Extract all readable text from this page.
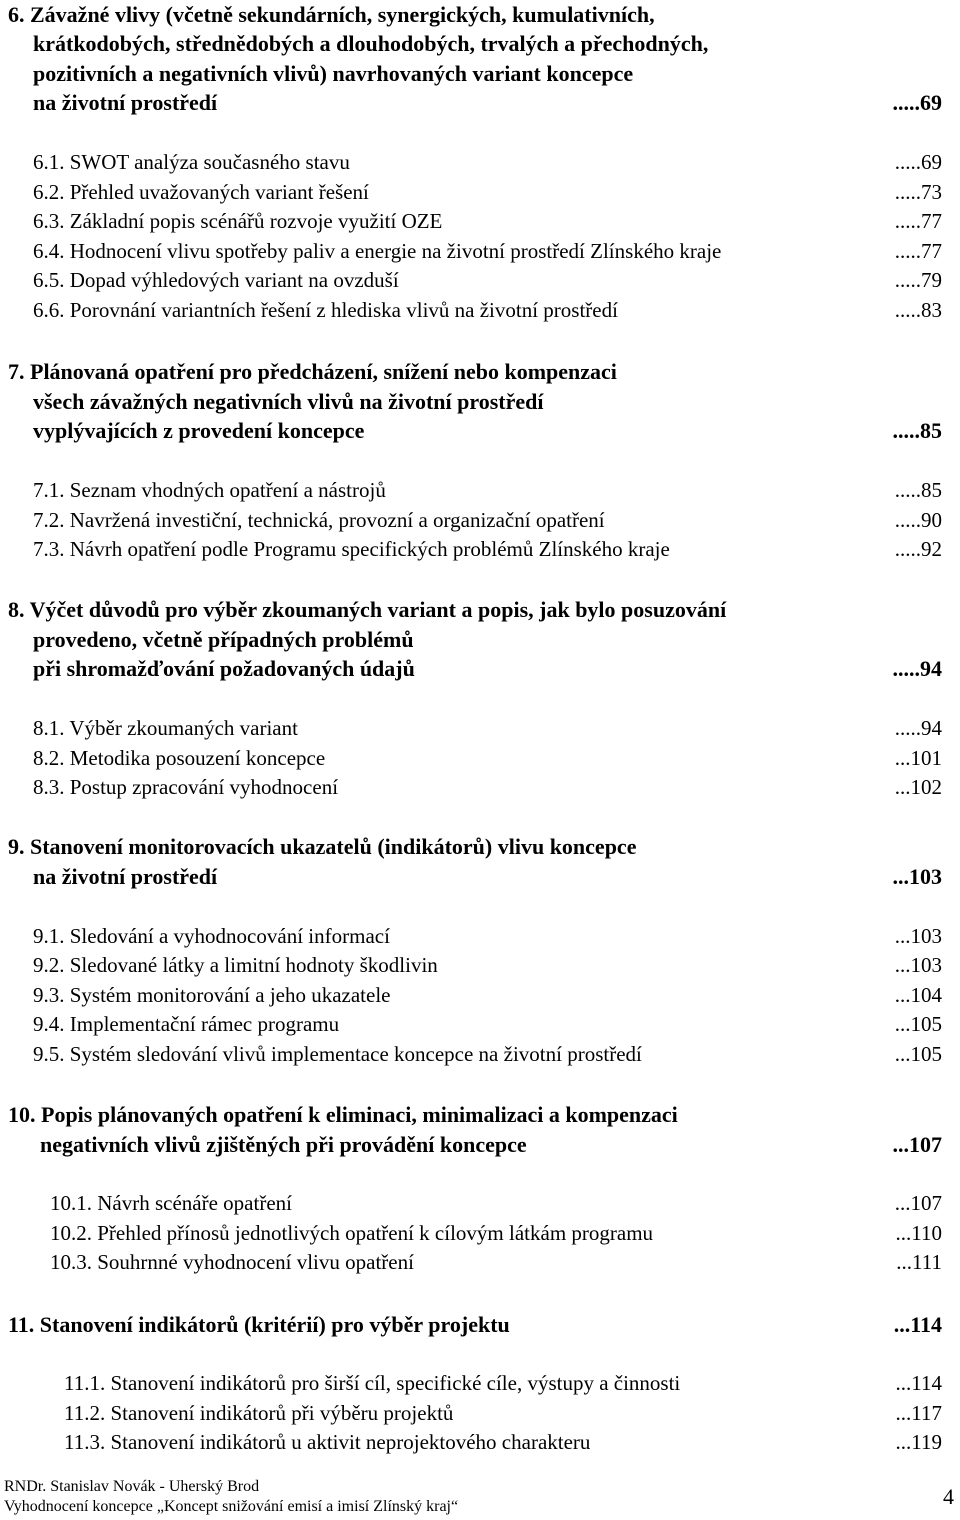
6. Závažné vlivy (včetně sekundárních, synergických, kumulativních,
krátkodobých, střednědobých a dlouhodobých, trvalých a přechodných,
pozitivních a negativních vlivů) navrhovaných variant koncepce
na životní prostředí	.....69
6.1. SWOT analýza současného stavu	.....69
6.2. Přehled uvažovaných variant řešení	.....73
6.3. Základní popis scénářů rozvoje využití OZE	.....77
6.4. Hodnocení vlivu spotřeby paliv a energie na životní prostředí Zlínského kraje	.....77
6.5. Dopad výhledových variant na ovzduší	.....79
6.6. Porovnání variantních řešení z hlediska vlivů na životní prostředí	.....83
7. Plánovaná opatření pro předcházení, snížení nebo kompenzaci
všech závažných negativních vlivů na životní prostředí
vyplývajících z provedení koncepce	.....85
7.1. Seznam vhodných opatření a nástrojů	.....85
7.2. Navržená investiční, technická, provozní a organizační opatření	.....90
7.3. Návrh opatření podle Programu specifických problémů Zlínského kraje	.....92
8. Výčet důvodů pro výběr zkoumaných variant a popis, jak bylo posuzování
provedeno, včetně případných problémů
při shromažďování požadovaných údajů	.....94
8.1. Výběr zkoumaných variant	.....94
8.2. Metodika posouzení koncepce	...101
8.3. Postup zpracování vyhodnocení	...102
9. Stanovení monitorovacích ukazatelů (indikátorů) vlivu koncepce
na životní prostředí	...103
9.1. Sledování a vyhodnocování informací	...103
9.2. Sledované látky a limitní hodnoty škodlivin	...103
9.3. Systém monitorování a jeho ukazatele	...104
9.4. Implementační rámec programu	...105
9.5. Systém sledování vlivů implementace koncepce na životní prostředí	...105
10. Popis plánovaných opatření k eliminaci, minimalizaci a kompenzaci
negativních vlivů zjištěných při provádění koncepce	...107
10.1. Návrh scénáře opatření	...107
10.2. Přehled přínosů jednotlivých opatření k cílovým látkám programu	...110
10.3. Souhrnné vyhodnocení vlivu opatření	...111
11. Stanovení indikátorů (kritérií) pro výběr projektu	...114
11.1. Stanovení indikátorů pro širší cíl, specifické cíle, výstupy a činnosti	...114
11.2. Stanovení indikátorů při výběru projektů	...117
11.3. Stanovení indikátorů u aktivit neprojektového charakteru	...119
RNDr. Stanislav Novák - Uherský Brod
Vyhodnocení koncepce „Koncept snižování emisí a imisí Zlínský kraj“	4
